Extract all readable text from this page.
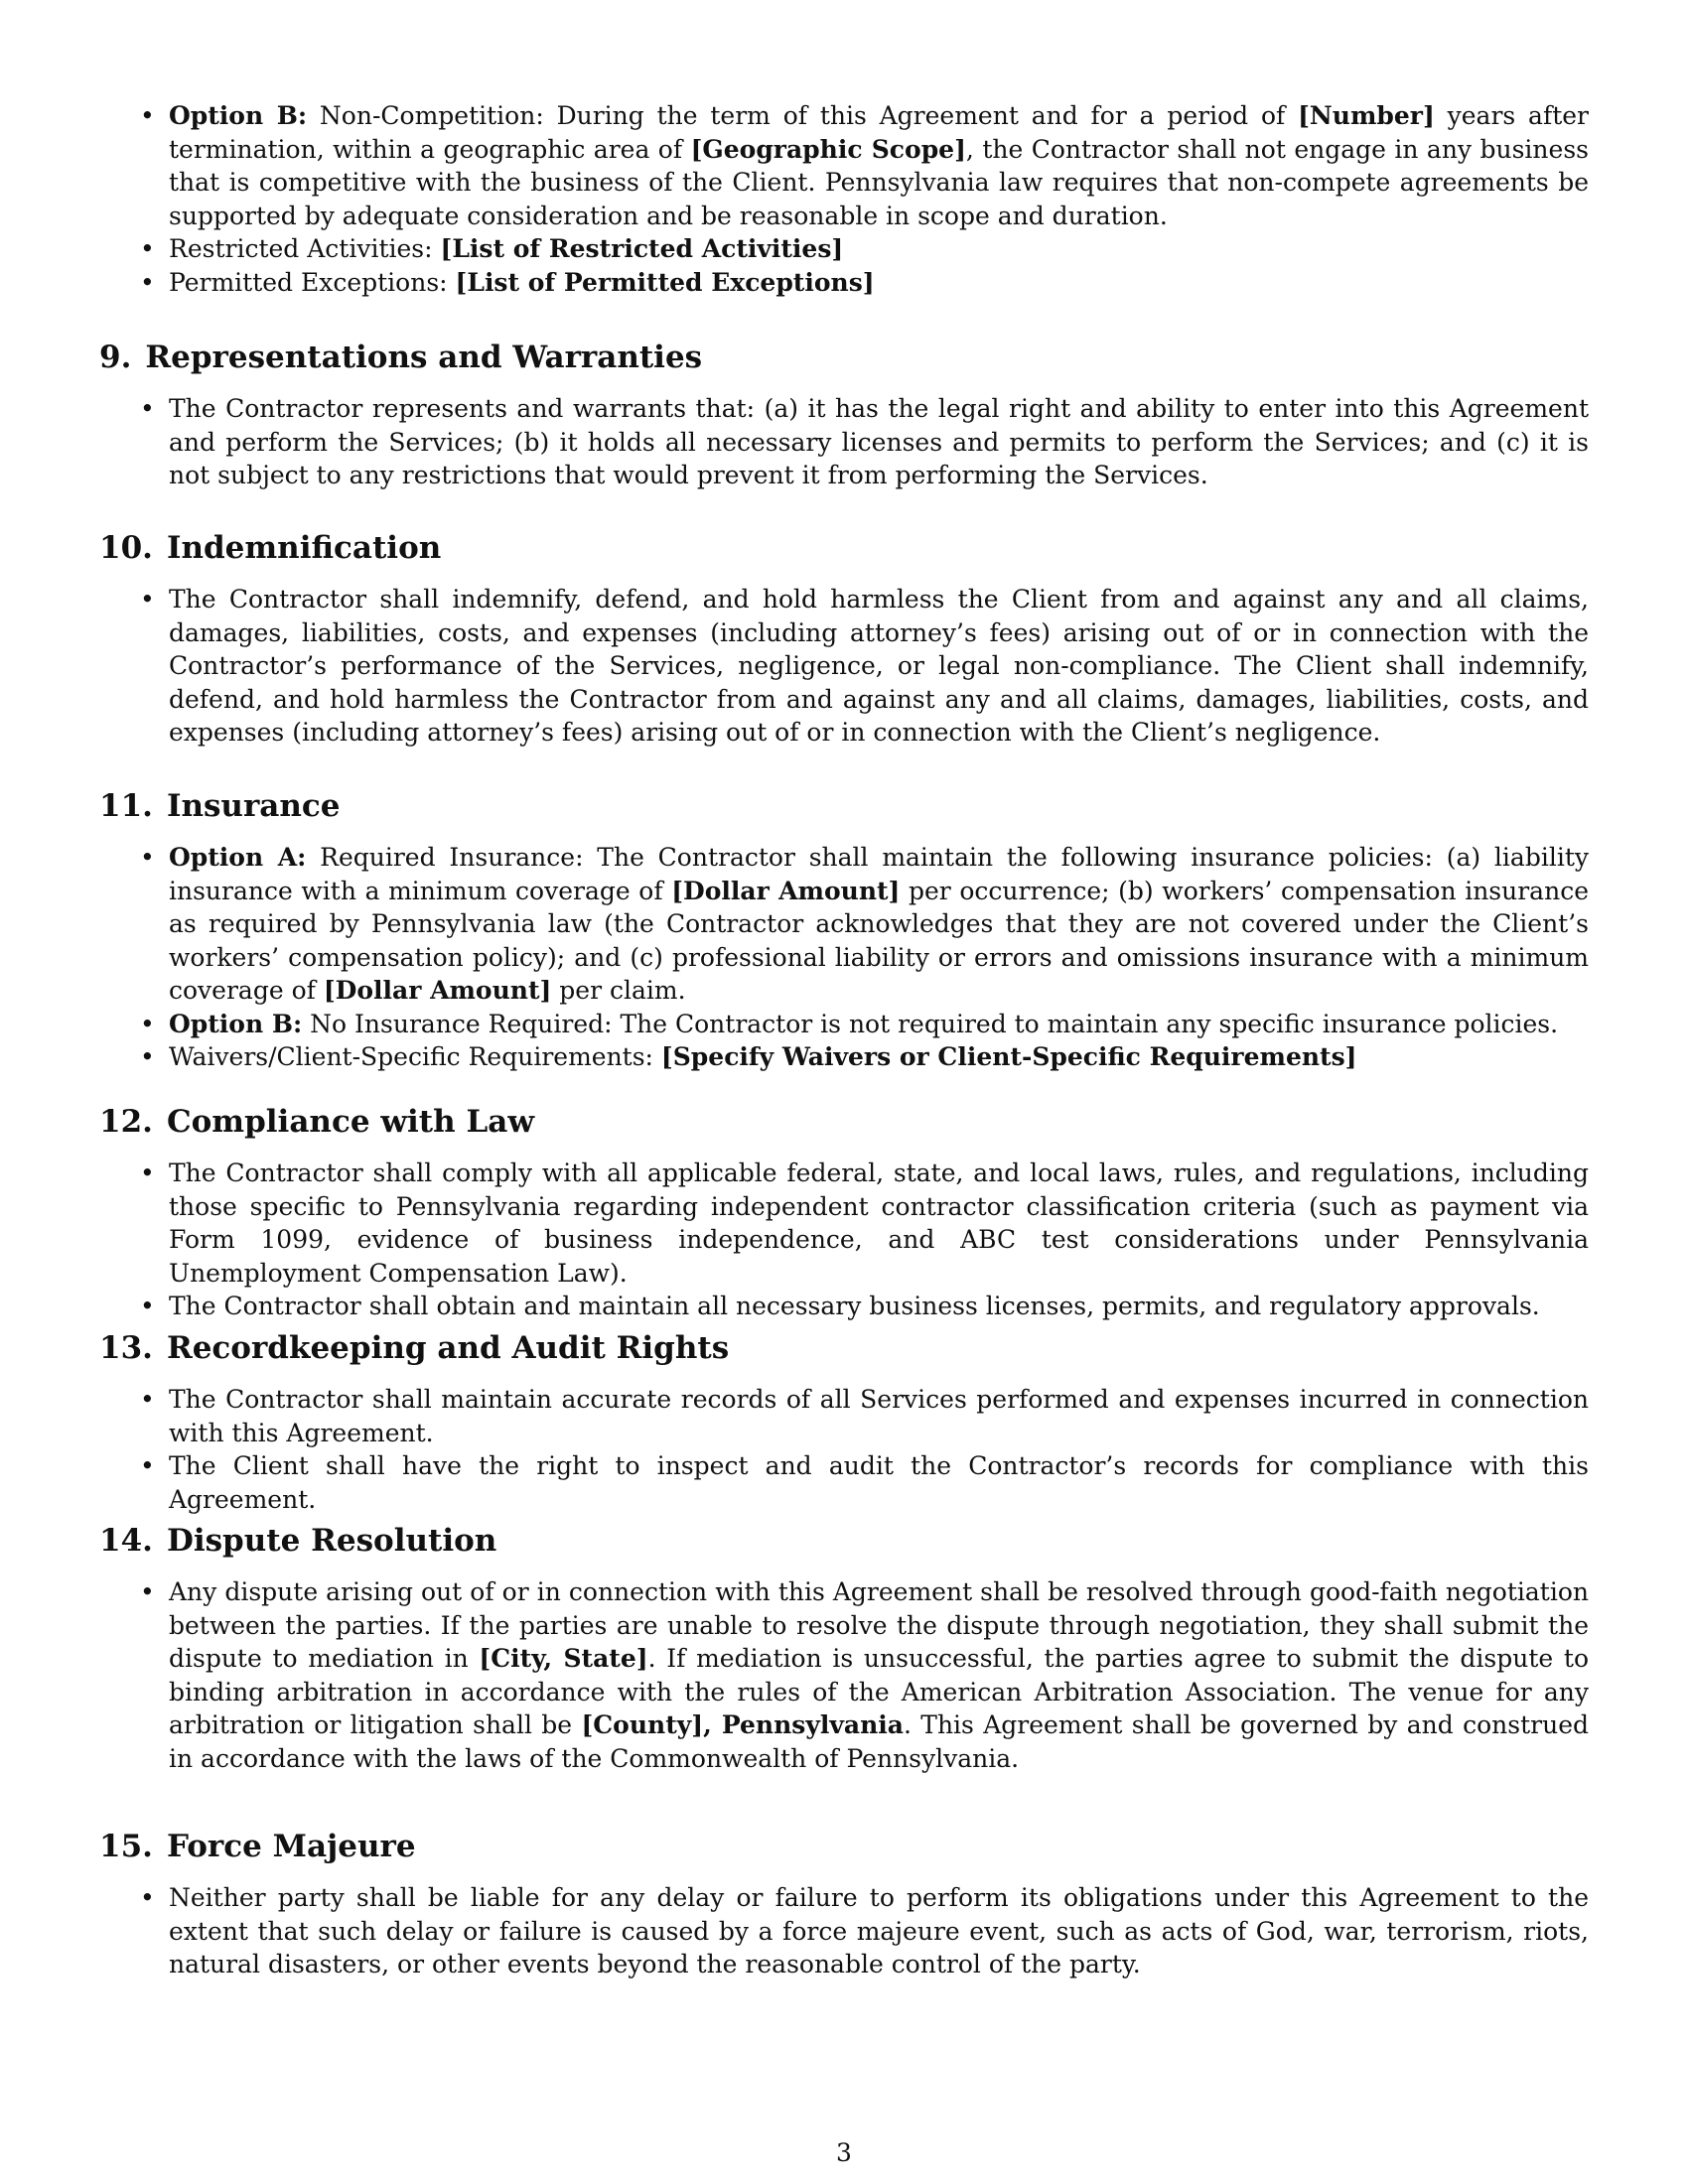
• Option B: Non-Competition: During the term of this Agreement and for a period of [Number] years after termination, within a geographic area of [Geographic Scope], the Contractor shall not engage in any business that is competitive with the business of the Client. Pennsylvania law requires that non-compete agreements be supported by adequate consideration and be reasonable in scope and duration.
• Restricted Activities: [List of Restricted Activities]
• Permitted Exceptions: [List of Permitted Exceptions]
9. Representations and Warranties
• The Contractor represents and warrants that: (a) it has the legal right and ability to enter into this Agreement and perform the Services; (b) it holds all necessary licenses and permits to perform the Services; and (c) it is not subject to any restrictions that would prevent it from performing the Services.
10. Indemnification
• The Contractor shall indemnify, defend, and hold harmless the Client from and against any and all claims, damages, liabilities, costs, and expenses (including attorney’s fees) arising out of or in connection with the Contractor’s performance of the Services, negligence, or legal non-compliance. The Client shall indemnify, defend, and hold harmless the Contractor from and against any and all claims, damages, liabilities, costs, and expenses (including attorney’s fees) arising out of or in connection with the Client’s negligence.
11. Insurance
• Option A: Required Insurance: The Contractor shall maintain the following insurance policies: (a) liability insurance with a minimum coverage of [Dollar Amount] per occurrence; (b) workers’ compensation insurance as required by Pennsylvania law (the Contractor acknowledges that they are not covered under the Client’s workers’ compensation policy); and (c) professional liability or errors and omissions insurance with a minimum coverage of [Dollar Amount] per claim.
• Option B: No Insurance Required: The Contractor is not required to maintain any specific insurance policies.
• Waivers/Client-Specific Requirements: [Specify Waivers or Client-Specific Requirements]
12. Compliance with Law
• The Contractor shall comply with all applicable federal, state, and local laws, rules, and regulations, including those specific to Pennsylvania regarding independent contractor classification criteria (such as payment via Form 1099, evidence of business independence, and ABC test considerations under Pennsylvania Unemployment Compensation Law).
• The Contractor shall obtain and maintain all necessary business licenses, permits, and regulatory approvals.
13. Recordkeeping and Audit Rights
• The Contractor shall maintain accurate records of all Services performed and expenses incurred in connection with this Agreement.
• The Client shall have the right to inspect and audit the Contractor’s records for compliance with this Agreement.
14. Dispute Resolution
• Any dispute arising out of or in connection with this Agreement shall be resolved through good-faith negotiation between the parties. If the parties are unable to resolve the dispute through negotiation, they shall submit the dispute to mediation in [City, State]. If mediation is unsuccessful, the parties agree to submit the dispute to binding arbitration in accordance with the rules of the American Arbitration Association. The venue for any arbitration or litigation shall be [County], Pennsylvania. This Agreement shall be governed by and construed in accordance with the laws of the Commonwealth of Pennsylvania.
15. Force Majeure
• Neither party shall be liable for any delay or failure to perform its obligations under this Agreement to the extent that such delay or failure is caused by a force majeure event, such as acts of God, war, terrorism, riots, natural disasters, or other events beyond the reasonable control of the party.
3
